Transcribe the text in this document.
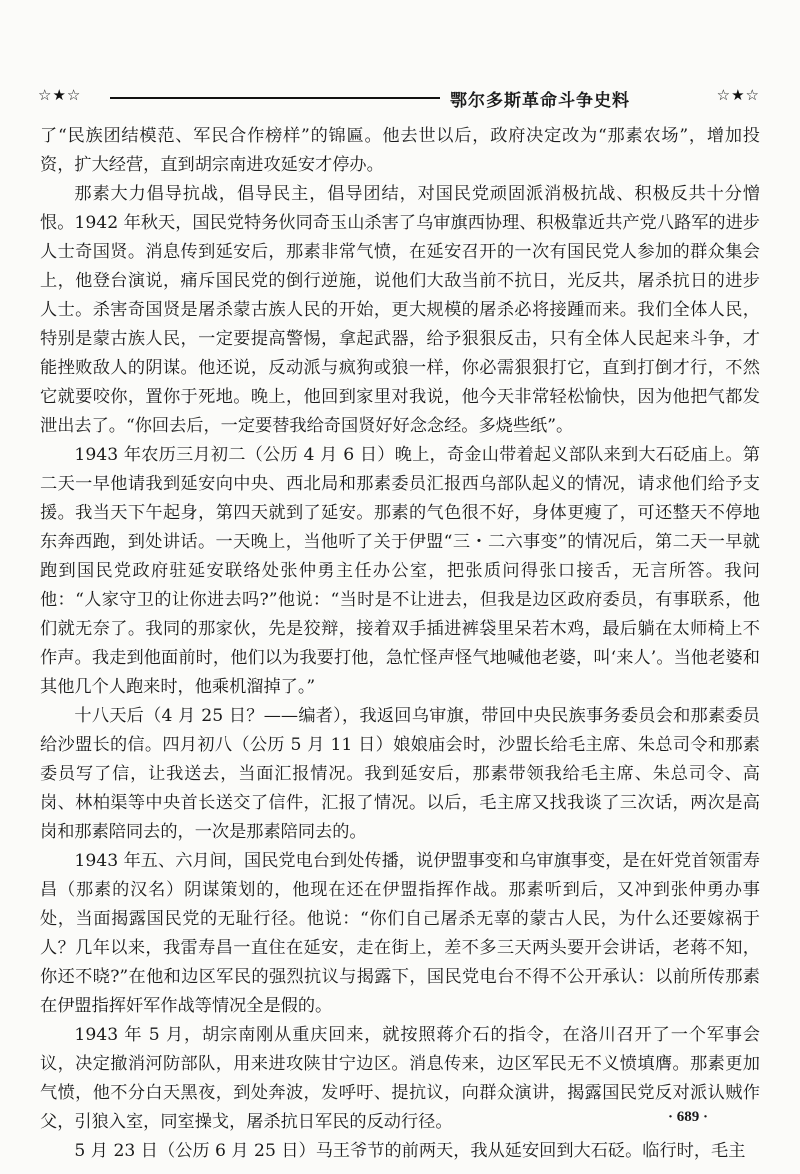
☆★☆	鄂尔多斯革命斗争史料	☆★☆

了“民族团结模范、军民合作榜样”的锦匾。他去世以后，政府决定改为“那素农场”，增加投资，扩大经营，直到胡宗南进攻延安才停办。

那素大力倡导抗战，倡导民主，倡导团结，对国民党顽固派消极抗战、积极反共十分憎恨。1942 年秋天，国民党特务伙同奇玉山杀害了乌审旗西协理、积极靠近共产党八路军的进步人士奇国贤。消息传到延安后，那素非常气愤，在延安召开的一次有国民党人参加的群众集会上，他登台演说，痛斥国民党的倒行逆施，说他们大敌当前不抗日，光反共，屠杀抗日的进步人士。杀害奇国贤是屠杀蒙古族人民的开始，更大规模的屠杀必将接踵而来。我们全体人民，特别是蒙古族人民，一定要提高警惕，拿起武器，给予狠狠反击，只有全体人民起来斗争，才能挫败敌人的阴谋。他还说，反动派与疯狗或狼一样，你必需狠狠打它，直到打倒才行，不然它就要咬你，置你于死地。晚上，他回到家里对我说，他今天非常轻松愉快，因为他把气都发泄出去了。“你回去后，一定要替我给奇国贤好好念念经。多烧些纸”。

1943 年农历三月初二（公历 4 月 6 日）晚上，奇金山带着起义部队来到大石砭庙上。第二天一早他请我到延安向中央、西北局和那素委员汇报西乌部队起义的情况，请求他们给予支援。我当天下午起身，第四天就到了延安。那素的气色很不好，身体更瘦了，可还整天不停地东奔西跑，到处讲话。一天晚上，当他听了关于伊盟“三・二六事变”的情况后，第二天一早就跑到国民党政府驻延安联络处张仲勇主任办公室，把张质问得张口接舌，无言所答。我问他：“人家守卫的让你进去吗?”他说：“当时是不让进去，但我是边区政府委员，有事联系，他们就无奈了。我同的那家伙，先是狡辩，接着双手插进裤袋里呆若木鸡，最后躺在太师椅上不作声。我走到他面前时，他们以为我要打他，急忙怪声怪气地喊他老婆，叫‘来人’。当他老婆和其他几个人跑来时，他乘机溜掉了。”

十八天后（4 月 25 日？——编者），我返回乌审旗，带回中央民族事务委员会和那素委员给沙盟长的信。四月初八（公历 5 月 11 日）娘娘庙会时，沙盟长给毛主席、朱总司令和那素委员写了信，让我送去，当面汇报情况。我到延安后，那素带领我给毛主席、朱总司令、高岗、林柏渠等中央首长送交了信件，汇报了情况。以后，毛主席又找我谈了三次话，两次是高岗和那素陪同去的，一次是那素陪同去的。

1943 年五、六月间，国民党电台到处传播，说伊盟事变和乌审旗事变，是在奸党首领雷寿昌（那素的汉名）阴谋策划的，他现在还在伊盟指挥作战。那素听到后，又冲到张仲勇办事处，当面揭露国民党的无耻行径。他说：“你们自己屠杀无辜的蒙古人民，为什么还要嫁祸于人？几年以来，我雷寿昌一直住在延安，走在街上，差不多三天两头要开会讲话，老蒋不知，你还不晓?”在他和边区军民的强烈抗议与揭露下，国民党电台不得不公开承认：以前所传那素在伊盟指挥奸军作战等情况全是假的。

1943 年 5 月，胡宗南刚从重庆回来，就按照蒋介石的指令，在洛川召开了一个军事会议，决定撤消河防部队，用来进攻陕甘宁边区。消息传来，边区军民无不义愤填膺。那素更加气愤，他不分白天黑夜，到处奔波，发呼吁、提抗议，向群众演讲，揭露国民党反对派认贼作父，引狼入室，同室操戈，屠杀抗日军民的反动行径。

5 月 23 日（公历 6 月 25 日）马王爷节的前两天，我从延安回到大石砭。临行时，毛主

· 689 ·
